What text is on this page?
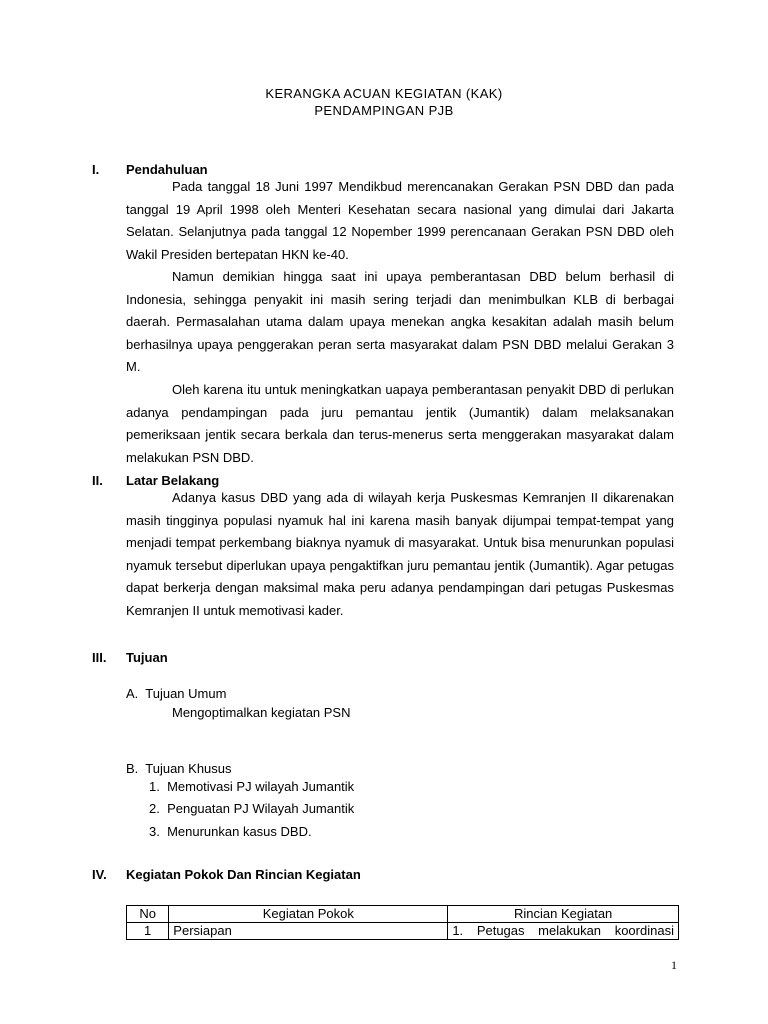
KERANGKA ACUAN KEGIATAN (KAK)
PENDAMPINGAN PJB
I. Pendahuluan

Pada tanggal 18 Juni 1997 Mendikbud merencanakan Gerakan PSN DBD dan pada tanggal 19 April 1998 oleh Menteri Kesehatan secara nasional yang dimulai dari Jakarta Selatan. Selanjutnya pada tanggal 12 Nopember 1999 perencanaan Gerakan PSN DBD oleh Wakil Presiden bertepatan HKN ke-40.

Namun demikian hingga saat ini upaya pemberantasan DBD belum berhasil di Indonesia, sehingga penyakit ini masih sering terjadi dan menimbulkan KLB di berbagai daerah. Permasalahan utama dalam upaya menekan angka kesakitan adalah masih belum berhasilnya upaya penggerakan peran serta masyarakat dalam PSN DBD melalui Gerakan 3 M.

Oleh karena itu untuk meningkatkan uapaya pemberantasan penyakit DBD di perlukan adanya pendampingan pada juru pemantau jentik (Jumantik) dalam melaksanakan pemeriksaan jentik secara berkala dan terus-menerus serta menggerakan masyarakat dalam melakukan PSN DBD.

II. Latar Belakang

Adanya kasus DBD yang ada di wilayah kerja Puskesmas Kemranjen II dikarenakan masih tingginya populasi nyamuk hal ini karena masih banyak dijumpai tempat-tempat yang menjadi tempat perkembang biaknya nyamuk di masyarakat. Untuk bisa menurunkan populasi nyamuk tersebut diperlukan upaya pengaktifkan juru pemantau jentik (Jumantik). Agar petugas dapat berkerja dengan maksimal maka peru adanya pendampingan dari petugas Puskesmas Kemranjen II untuk memotivasi kader.

III. Tujuan
A.  Tujuan Umum
Mengoptimalkan kegiatan PSN
B.  Tujuan Khusus
1.  Memotivasi PJ wilayah Jumantik
2.  Penguatan PJ Wilayah Jumantik
3.  Menurunkan kasus DBD.
IV. Kegiatan Pokok Dan Rincian Kegiatan
No	Kegiatan Pokok	Rincian Kegiatan
1	Persiapan	1. Petugas melakukan koordinasi
1
